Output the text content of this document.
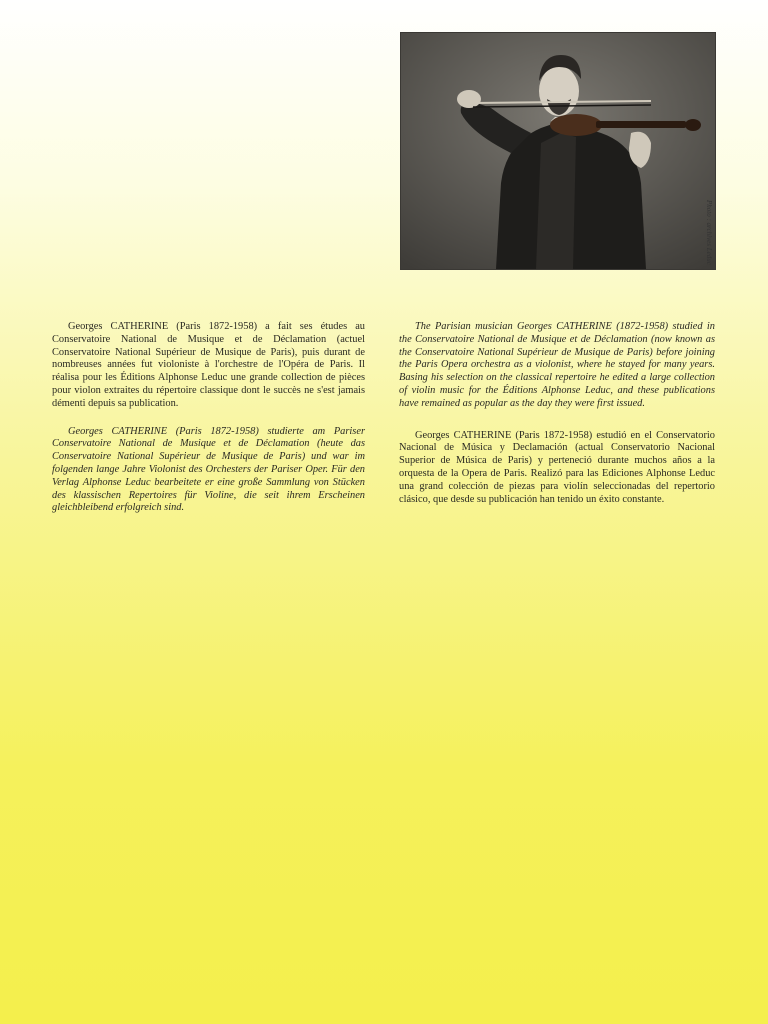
Photo : archives Leduc

Georges CATHERINE (Paris 1872-1958) a fait ses études au Conservatoire National de Musique et de Déclamation (actuel Conservatoire National Supérieur de Musique de Paris), puis durant de nombreuses années fut violoniste à l'orchestre de l'Opéra de Paris. Il réalisa pour les Éditions Alphonse Leduc une grande collection de pièces pour violon extraites du répertoire classique dont le succès ne s'est jamais démenti depuis sa publication.

Georges CATHERINE (Paris 1872-1958) studierte am Pariser Conservatoire National de Musique et de Déclamation (heute das Conservatoire National Supérieur de Musique de Paris) und war im folgenden lange Jahre Violonist des Orchesters der Pariser Oper. Für den Verlag Alphonse Leduc bearbeitete er eine große Sammlung von Stücken des klassischen Repertoires für Violine, die seit ihrem Erscheinen gleichbleibend erfolgreich sind.

The Parisian musician Georges CATHERINE (1872-1958) studied in the Conservatoire National de Musique et de Déclamation (now known as the Conservatoire National Supérieur de Musique de Paris) before joining the Paris Opera orchestra as a violonist, where he stayed for many years. Basing his selection on the classical repertoire he edited a large collection of violin music for the Éditions Alphonse Leduc, and these publications have remained as popular as the day they were first issued.

Georges CATHERINE (Paris 1872-1958) estudió en el Conservatorio Nacional de Música y Declamación (actual Conservatorio Nacional Superior de Música de Paris) y perteneció durante muchos años a la orquesta de la Opera de Paris. Realizó para las Ediciones Alphonse Leduc una grand colección de piezas para violín seleccionadas del repertorio clásico, que desde su publicación han tenido un éxito constante.
